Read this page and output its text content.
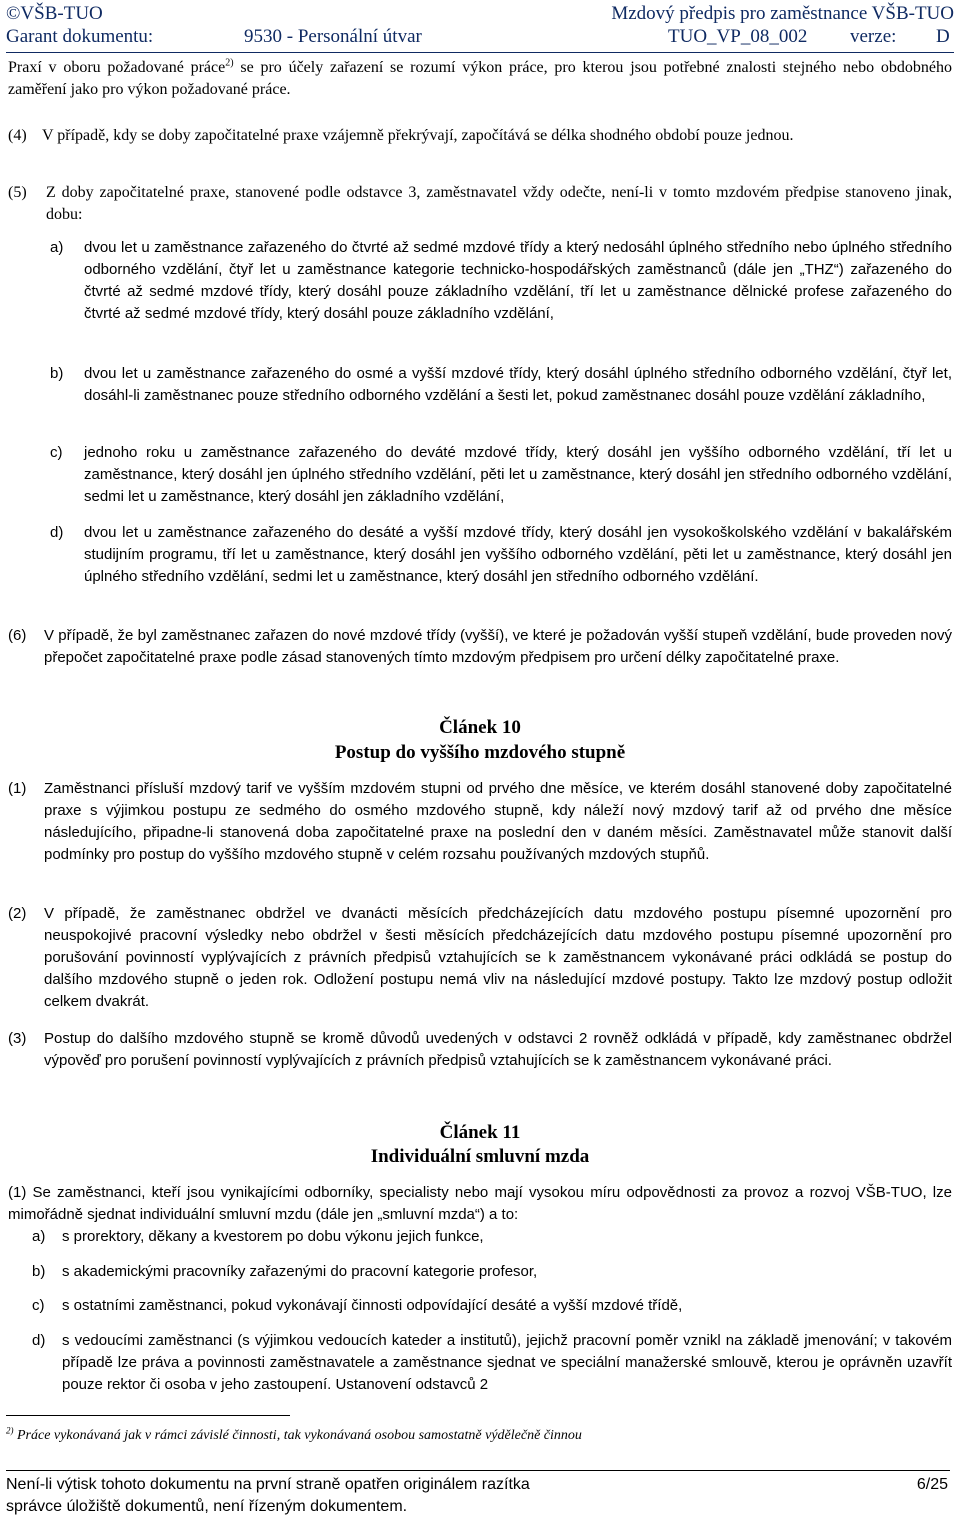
©VŠB-TUO	Mzdový předpis pro zaměstnance VŠB-TUO
Garant dokumentu:	9530 - Personální útvar	TUO_VP_08_002 verze: D
Praxí v oboru požadované práce$^{2)}$ se pro účely zařazení se rozumí výkon práce, pro kterou jsou potřebné znalosti stejného nebo obdobného zaměření jako pro výkon požadované práce.
(4) V případě, kdy se doby započitatelné praxe vzájemně překrývají, započítává se délka shodného období pouze jednou.
(5)	Z doby započitatelné praxe, stanovené podle odstavce 3, zaměstnavatel vždy odečte, není-li v tomto mzdovém předpise stanoveno jinak, dobu:
a)	dvou let u zaměstnance zařazeného do čtvrté až sedmé mzdové třídy a který nedosáhl úplného středního nebo úplného středního odborného vzdělání, čtyř let u zaměstnance kategorie technicko-hospodářských zaměstnanců (dále jen „THZ“) zařazeného do čtvrté až sedmé mzdové třídy, který dosáhl pouze základního vzdělání, tří let u zaměstnance dělnické profese zařazeného do čtvrté až sedmé mzdové třídy, který dosáhl pouze základního vzdělání,
b)	dvou let u zaměstnance zařazeného do osmé a vyšší mzdové třídy, který dosáhl úplného středního odborného vzdělání, čtyř let, dosáhl-li zaměstnanec pouze středního odborného vzdělání a šesti let, pokud zaměstnanec dosáhl pouze vzdělání základního,
c)	jednoho roku u zaměstnance zařazeného do deváté mzdové třídy, který dosáhl jen vyššího odborného vzdělání, tří let u zaměstnance, který dosáhl jen úplného středního vzdělání, pěti let u zaměstnance, který dosáhl jen středního odborného vzdělání, sedmi let u zaměstnance, který dosáhl jen základního vzdělání,
d)	dvou let u zaměstnance zařazeného do desáté a vyšší mzdové třídy, který dosáhl jen vysokoškolského vzdělání v bakalářském studijním programu, tří let u zaměstnance, který dosáhl jen vyššího odborného vzdělání, pěti let u zaměstnance, který dosáhl jen úplného středního vzdělání, sedmi let u zaměstnance, který dosáhl jen středního odborného vzdělání.
(6)	V případě, že byl zaměstnanec zařazen do nové mzdové třídy (vyšší), ve které je požadován vyšší stupeň vzdělání, bude proveden nový přepočet započitatelné praxe podle zásad stanovených tímto mzdovým předpisem pro určení délky započitatelné praxe.
Článek 10
Postup do vyššího mzdového stupně
(1)	Zaměstnanci přísluší mzdový tarif ve vyšším mzdovém stupni od prvého dne měsíce, ve kterém dosáhl stanovené doby započitatelné praxe s výjimkou postupu ze sedmého do osmého mzdového stupně, kdy náleží nový mzdový tarif až od prvého dne měsíce následujícího, připadne-li stanovená doba započitatelné praxe na poslední den v daném měsíci. Zaměstnavatel může stanovit další podmínky pro postup do vyššího mzdového stupně v celém rozsahu používaných mzdových stupňů.
(2)	V případě, že zaměstnanec obdržel ve dvanácti měsících předcházejících datu mzdového postupu písemné upozornění pro neuspokojivé pracovní výsledky nebo obdržel v šesti měsících předcházejících datu mzdového postupu písemné upozornění pro porušování povinností vyplývajících z právních předpisů vztahujících se k zaměstnancem vykonávané práci odkládá se postup do dalšího mzdového stupně o jeden rok. Odložení postupu nemá vliv na následující mzdové postupy. Takto lze mzdový postup odložit celkem dvakrát.
(3)	Postup do dalšího mzdového stupně se kromě důvodů uvedených v odstavci 2 rovněž odkládá v případě, kdy zaměstnanec obdržel výpověď pro porušení povinností vyplývajících z právních předpisů vztahujících se k zaměstnancem vykonávané práci.
Článek 11
Individuální smluvní mzda
(1) Se zaměstnanci, kteří jsou vynikajícími odborníky, specialisty nebo mají vysokou míru odpovědnosti za provoz a rozvoj VŠB-TUO, lze mimořádně sjednat individuální smluvní mzdu (dále jen „smluvní mzda“) a to:
a)	s prorektory, děkany a kvestorem po dobu výkonu jejich funkce,
b)	s akademickými pracovníky zařazenými do pracovní kategorie profesor,
c)	s ostatními zaměstnanci, pokud vykonávají činnosti odpovídající desáté a vyšší mzdové třídě,
d)	s vedoucími zaměstnanci (s výjimkou vedoucích kateder a institutů), jejichž pracovní poměr vznikl na základě jmenování; v takovém případě lze práva a povinnosti zaměstnavatele a zaměstnance sjednat ve speciální manažerské smlouvě, kterou je oprávněn uzavřít pouze rektor či osoba v jeho zastoupení. Ustanovení odstavců 2
$^{2)}$ Práce vykonávaná jak v rámci závislé činnosti, tak vykonávaná osobou samostatně výdělečně činnou
Není-li výtisk tohoto dokumentu na první straně opatřen originálem razítka	6/25
správce úložiště dokumentů, není řízeným dokumentem.
